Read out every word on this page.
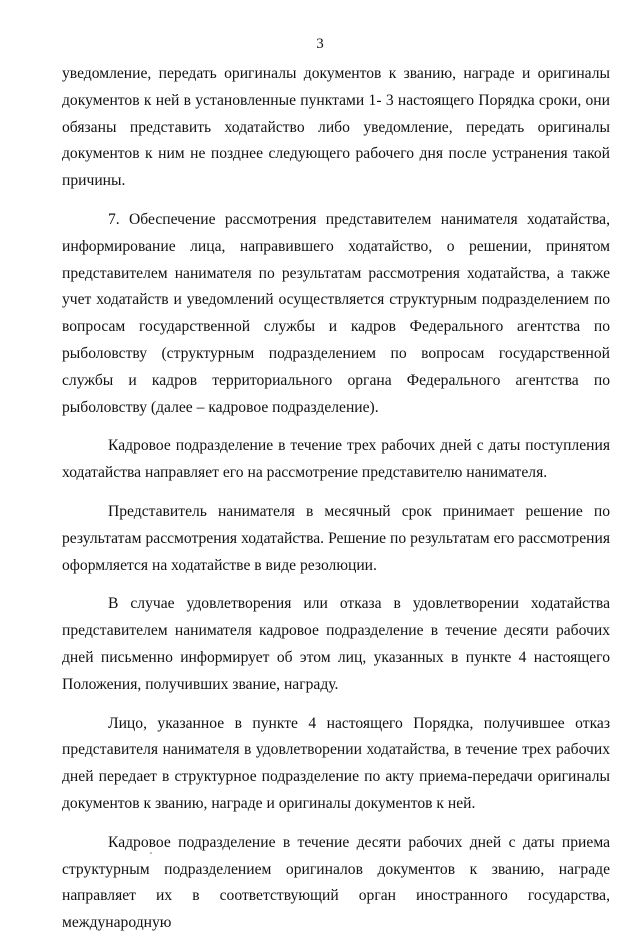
3

уведомление, передать оригиналы документов к званию, награде и оригиналы документов к ней в установленные пунктами 1- 3 настоящего Порядка сроки, они обязаны представить ходатайство либо уведомление, передать оригиналы документов к ним не позднее следующего рабочего дня после устранения такой причины.

7. Обеспечение рассмотрения представителем нанимателя ходатайства, информирование лица, направившего ходатайство, о решении, принятом представителем нанимателя по результатам рассмотрения ходатайства, а также учет ходатайств и уведомлений осуществляется структурным подразделением по вопросам государственной службы и кадров Федерального агентства по рыболовству (структурным подразделением по вопросам государственной службы и кадров территориального органа Федерального агентства по рыболовству (далее – кадровое подразделение).

Кадровое подразделение в течение трех рабочих дней с даты поступления ходатайства направляет его на рассмотрение представителю нанимателя.

Представитель нанимателя в месячный срок принимает решение по результатам рассмотрения ходатайства. Решение по результатам его рассмотрения оформляется на ходатайстве в виде резолюции.

В случае удовлетворения или отказа в удовлетворении ходатайства представителем нанимателя кадровое подразделение в течение десяти рабочих дней письменно информирует об этом лиц, указанных в пункте 4 настоящего Положения, получивших звание, награду.

Лицо, указанное в пункте 4 настоящего Порядка, получившее отказ представителя нанимателя в удовлетворении ходатайства, в течение трех рабочих дней передает в структурное подразделение по акту приема-передачи оригиналы документов к званию, награде и оригиналы документов к ней.

Кадровое подразделение в течение десяти рабочих дней с даты приема структурным подразделением оригиналов документов к званию, награде направляет их в соответствующий орган иностранного государства, международную
